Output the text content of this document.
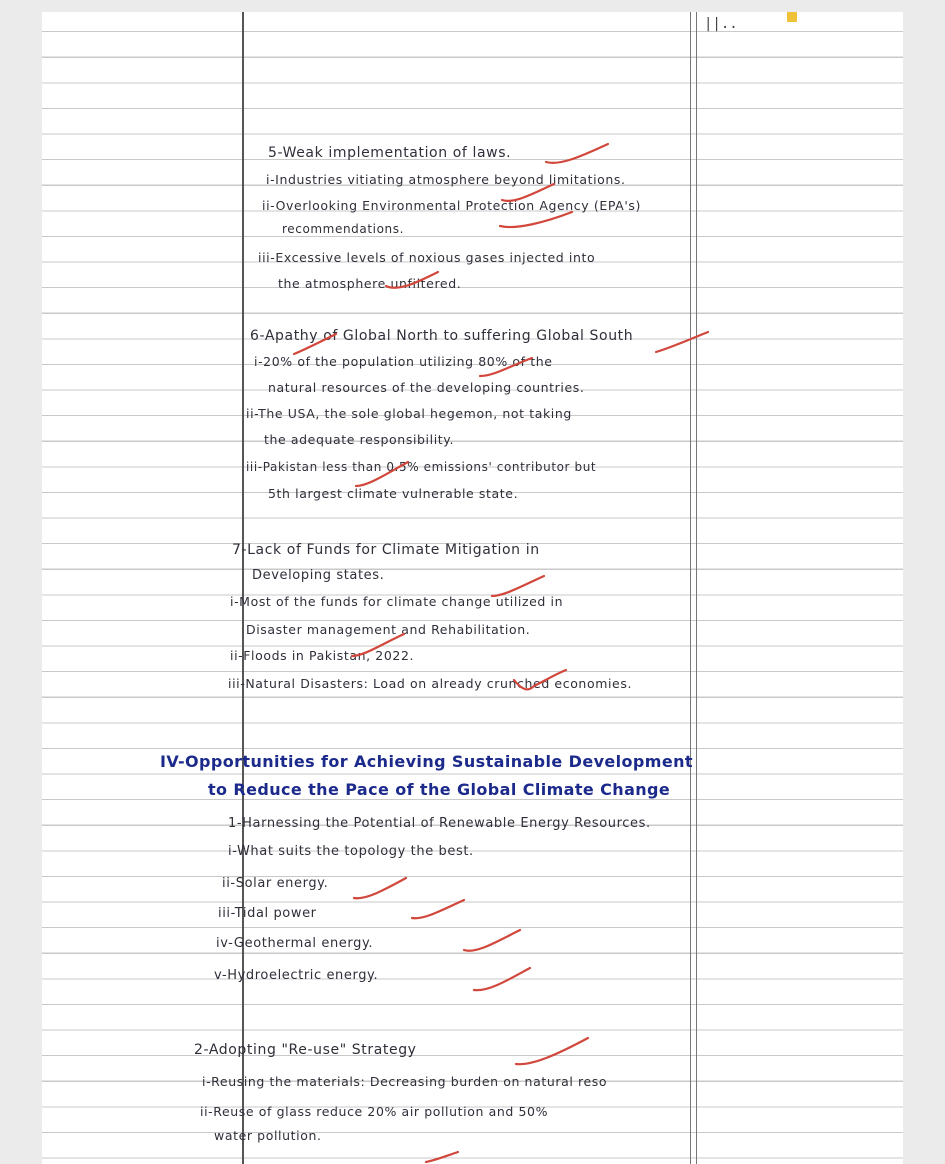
||..
5-Weak implementation of laws.
i-Industries vitiating atmosphere beyond limitations.
ii-Overlooking Environmental Protection Agency (EPA's)
recommendations.
iii-Excessive levels of noxious gases injected into
the atmosphere unfiltered.
6-Apathy of Global North to suffering Global South
i-20% of the population utilizing 80% of the
natural resources of the developing countries.
ii-The USA, the sole global hegemon, not taking
the adequate responsibility.
iii-Pakistan less than 0.5% emissions' contributor but
5th largest climate vulnerable state.
7-Lack of Funds for Climate Mitigation in
Developing states.
i-Most of the funds for climate change utilized in
Disaster management and Rehabilitation.
ii-Floods in Pakistan, 2022.
iii-Natural Disasters: Load on already crunched economies.
IV-Opportunities for Achieving Sustainable Development
to Reduce the Pace of the Global Climate Change
1-Harnessing the Potential of Renewable Energy Resources.
i-What suits the topology the best.
ii-Solar energy.
iii-Tidal power
iv-Geothermal energy.
v-Hydroelectric energy.
2-Adopting "Re-use" Strategy
i-Reusing the materials: Decreasing burden on natural reso
ii-Reuse of glass reduce 20% air pollution and 50%
water pollution.
